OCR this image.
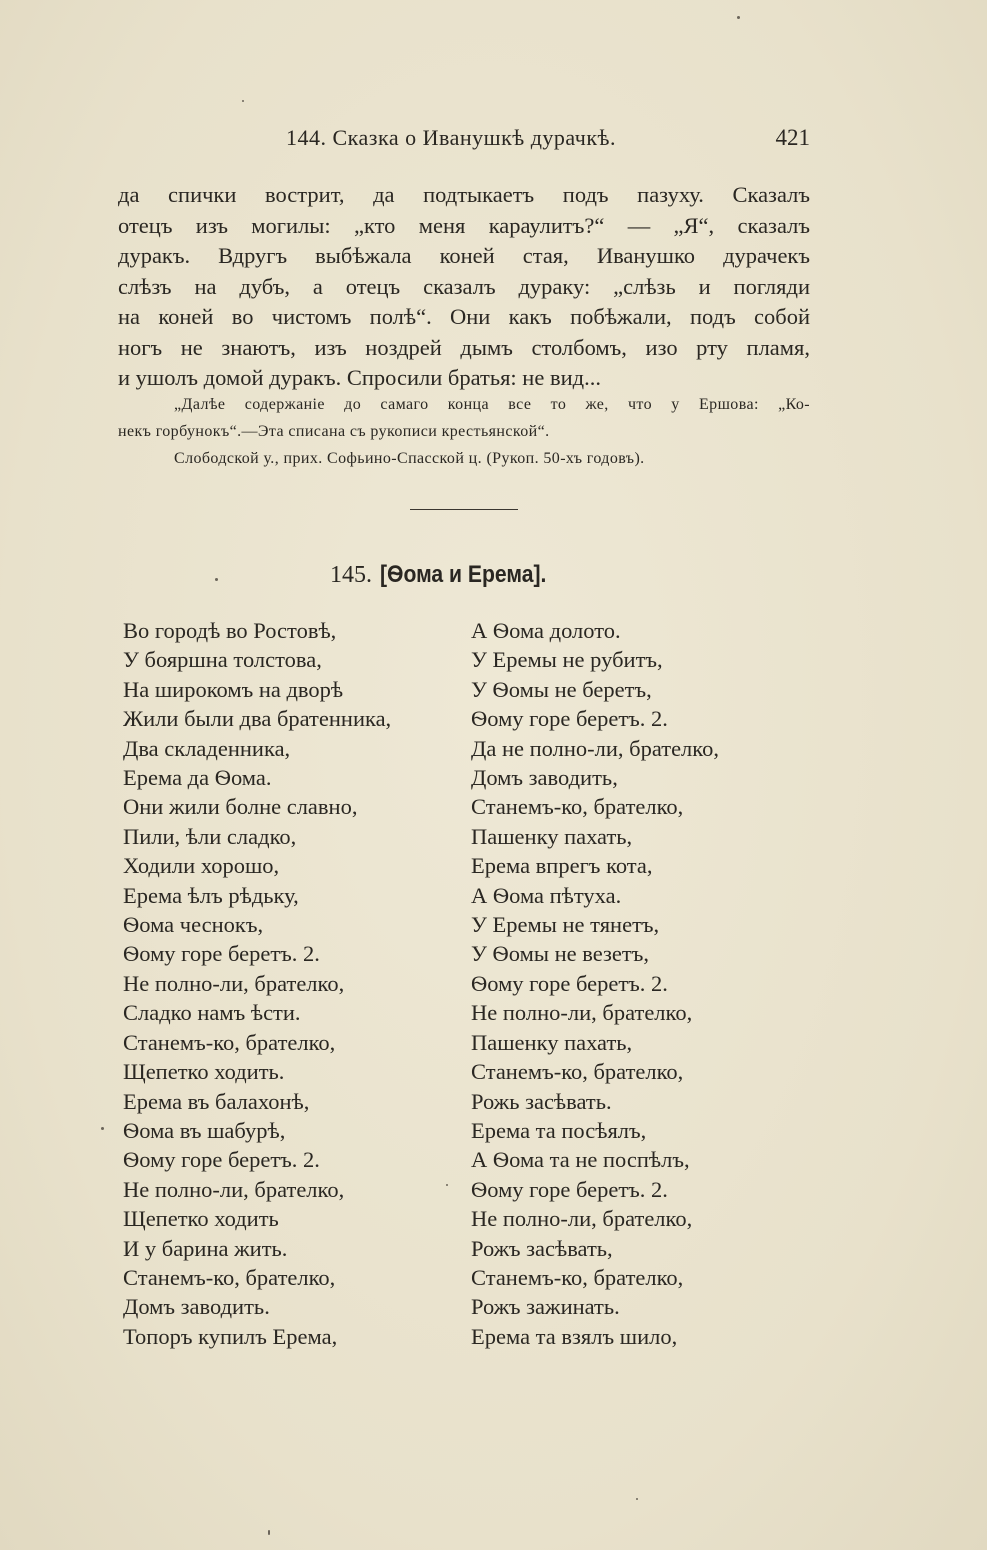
144. Сказка о Иванушкѣ дурачкѣ.	421
да спички вострит, да подтыкаетъ подъ пазуху. Сказалъ
отецъ изъ могилы: „кто меня караулитъ?“ — „Я“, сказалъ
дуракъ. Вдругъ выбѣжала коней стая, Иванушко дурачекъ
слѣзъ на дубъ, а отецъ сказалъ дураку: „слѣзь и погляди
на коней во чистомъ полѣ“. Они какъ побѣжали, подъ собой
ногъ не знаютъ, изъ ноздрей дымъ столбомъ, изо рту пламя,
и ушолъ домой дуракъ. Спросили братья: не вид...
„Далѣе содержаніе до самаго конца все то же, что у Ершова: „Ко-
некъ горбунокъ“.—Эта списана съ рукописи крестьянской“.
Слободской у., прих. Софьино-Спасской ц. (Рукоп. 50-хъ годовъ).
145. [Ѳома и Ерема].
Во городѣ во Ростовѣ,
У бояршна толстова,
На широкомъ на дворѣ
Жили были два братенника,
Два складенника,
Ерема да Ѳома.
Они жили болне славно,
Пили, ѣли сладко,
Ходили хорошо,
Ерема ѣлъ рѣдьку,
Ѳома чеснокъ,
Ѳому горе беретъ. 2.
Не полно-ли, брателко,
Сладко намъ ѣсти.
Станемъ-ко, брателко,
Щепетко ходить.
Ерема въ балахонѣ,
Ѳома въ шабурѣ,
Ѳому горе беретъ. 2.
Не полно-ли, брателко,
Щепетко ходить
И у барина жить.
Станемъ-ко, брателко,
Домъ заводить.
Топоръ купилъ Ерема,
А Ѳома долото.
У Еремы не рубитъ,
У Ѳомы не беретъ,
Ѳому горе беретъ. 2.
Да не полно-ли, брателко,
Домъ заводить,
Станемъ-ко, брателко,
Пашенку пахать,
Ерема впрегъ кота,
А Ѳома пѣтуха.
У Еремы не тянетъ,
У Ѳомы не везетъ,
Ѳому горе беретъ. 2.
Не полно-ли, брателко,
Пашенку пахать,
Станемъ-ко, брателко,
Рожь засѣвать.
Ерема та посѣялъ,
А Ѳома та не поспѣлъ,
Ѳому горе беретъ. 2.
Не полно-ли, брателко,
Рожъ засѣвать,
Станемъ-ко, брателко,
Рожъ зажинать.
Ерема та взялъ шило,
